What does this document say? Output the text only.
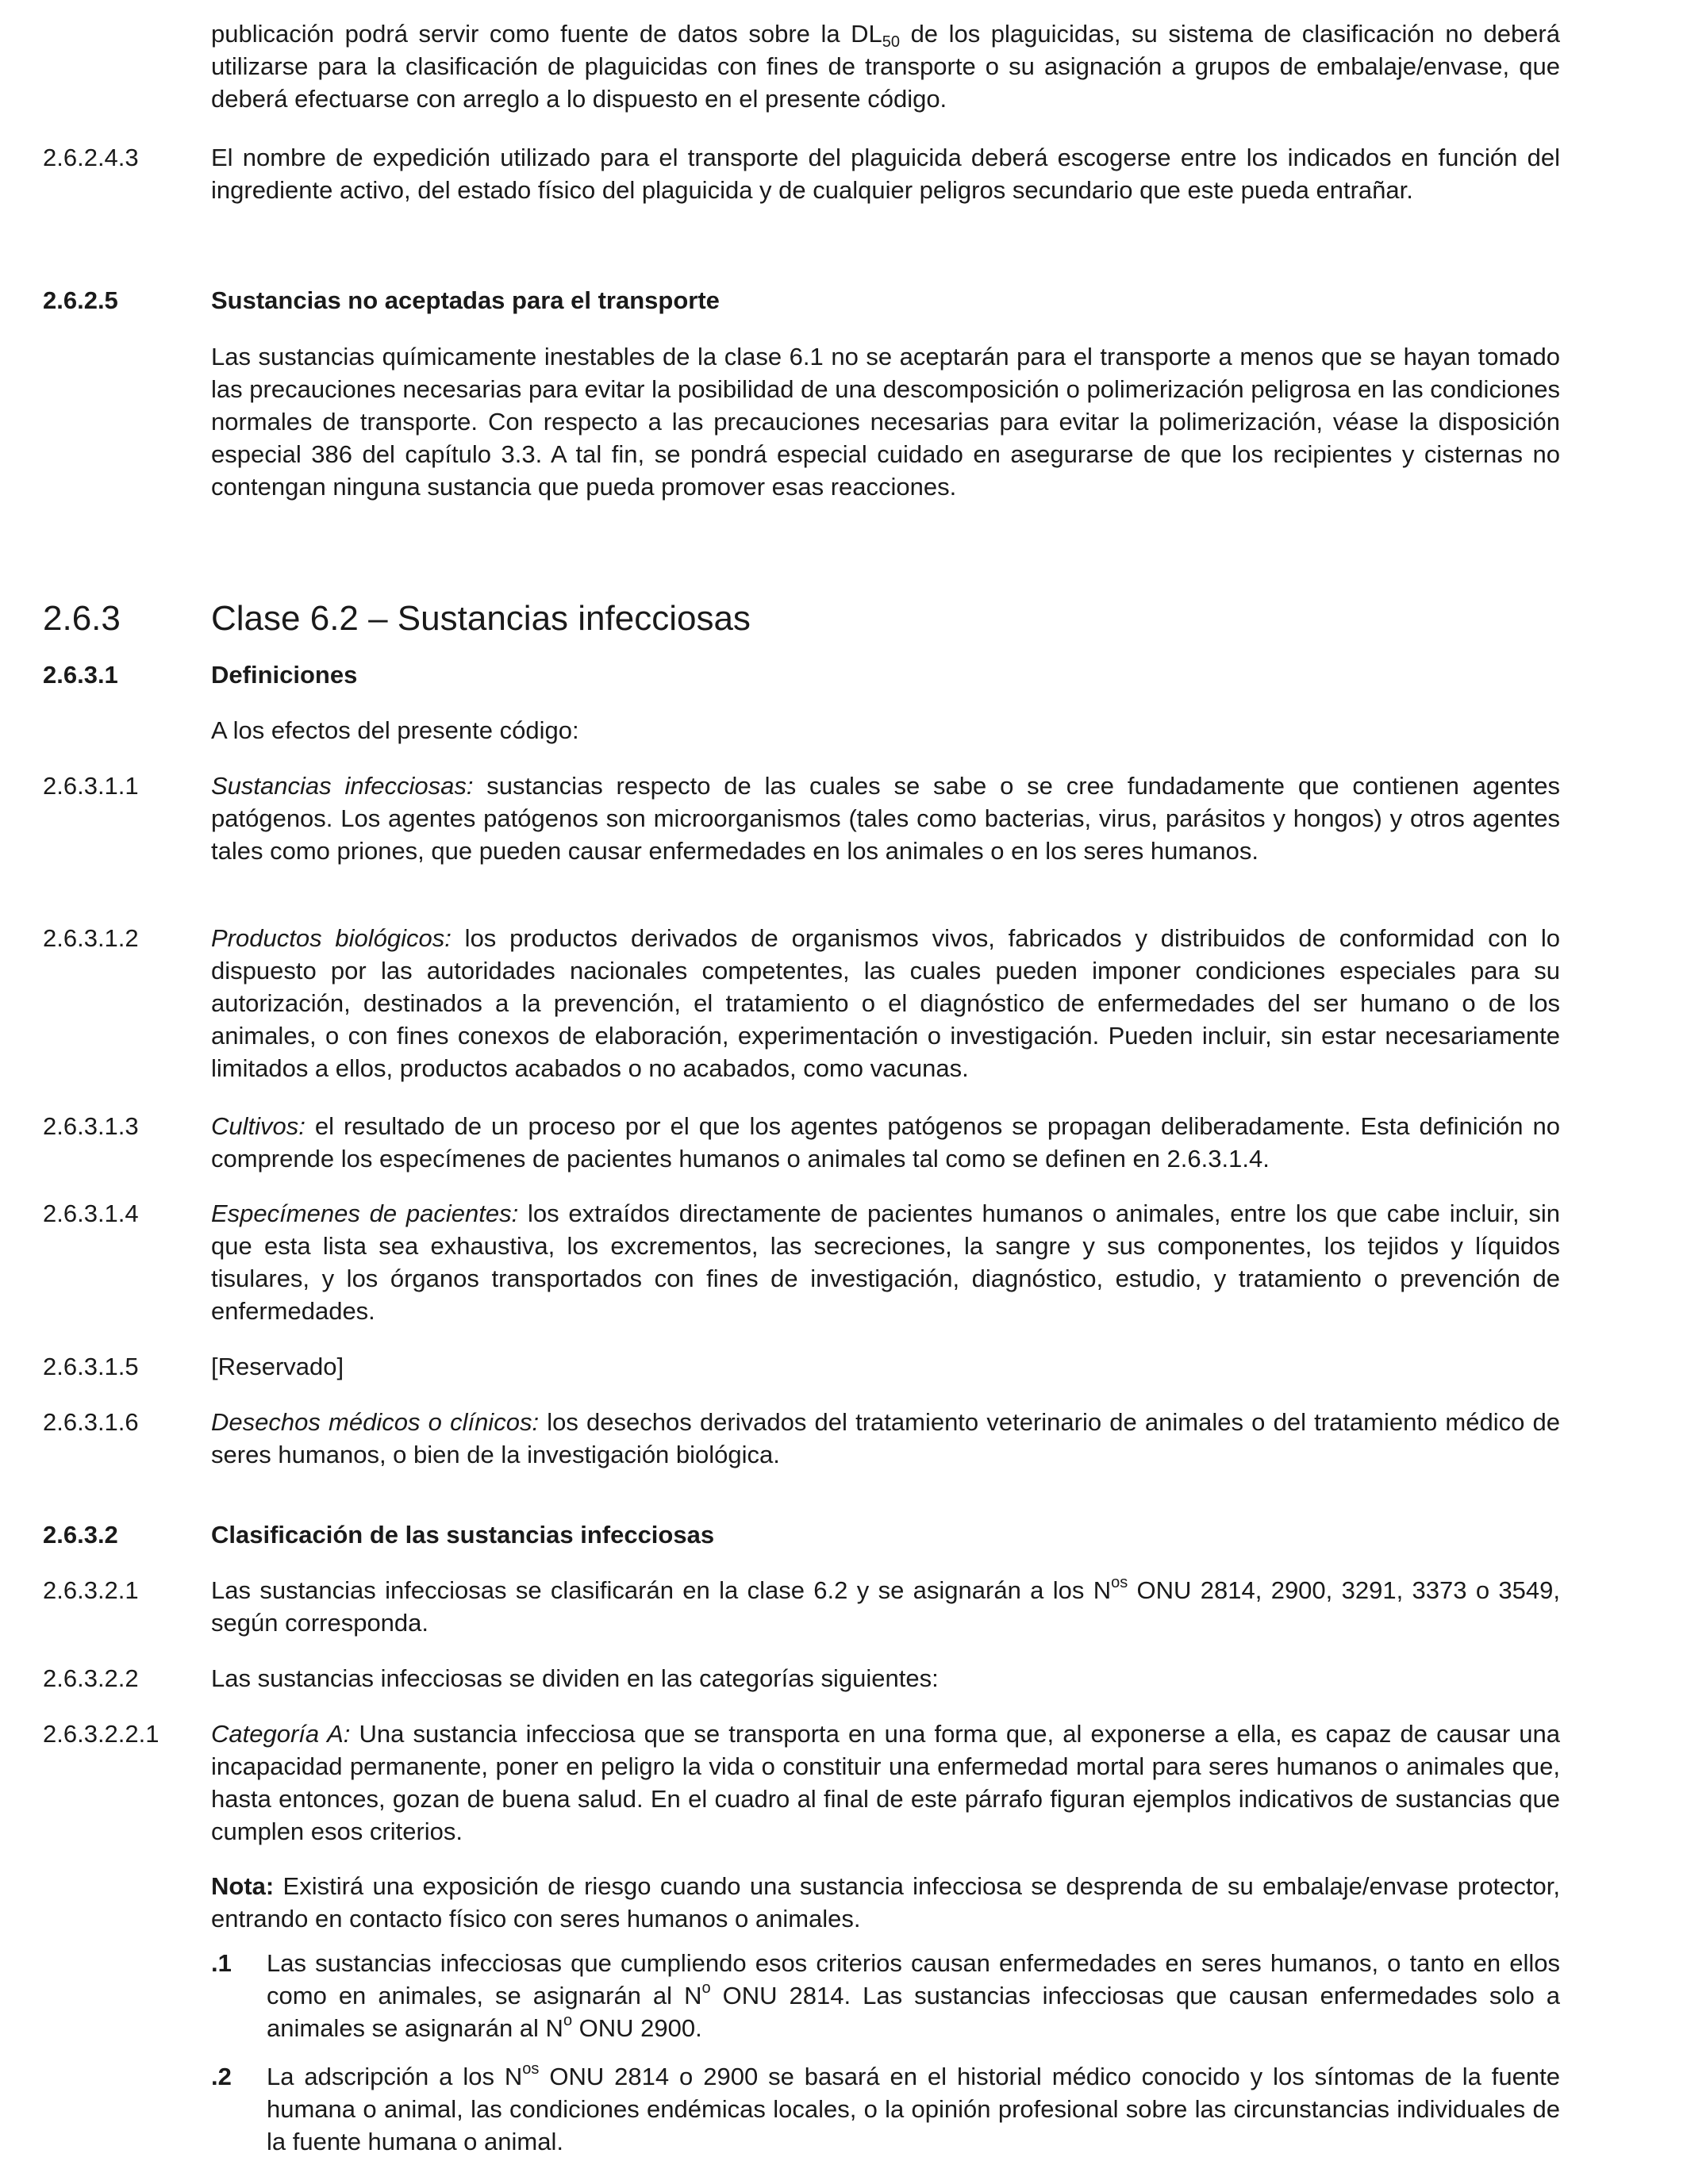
publicación podrá servir como fuente de datos sobre la $DL_{50}$ de los plaguicidas, su sistema de clasificación no deberá utilizarse para la clasificación de plaguicidas con fines de transporte o su asignación a grupos de embalaje/envase, que deberá efectuarse con arreglo a lo dispuesto en el presente código.
2.6.2.4.3	El nombre de expedición utilizado para el transporte del plaguicida deberá escogerse entre los indicados en función del ingrediente activo, del estado físico del plaguicida y de cualquier peligros secundario que este pueda entrañar.
2.6.2.5	Sustancias no aceptadas para el transporte
Las sustancias químicamente inestables de la clase 6.1 no se aceptarán para el transporte a menos que se hayan tomado las precauciones necesarias para evitar la posibilidad de una descomposición o polimerización peligrosa en las condiciones normales de transporte. Con respecto a las precauciones necesarias para evitar la polimerización, véase la disposición especial 386 del capítulo 3.3. A tal fin, se pondrá especial cuidado en asegurarse de que los recipientes y cisternas no contengan ninguna sustancia que pueda promover esas reacciones.
2.6.3	Clase 6.2 – Sustancias infecciosas
2.6.3.1	Definiciones
A los efectos del presente código:
2.6.3.1.1	Sustancias infecciosas: sustancias respecto de las cuales se sabe o se cree fundadamente que contienen agentes patógenos. Los agentes patógenos son microorganismos (tales como bacterias, virus, parásitos y hongos) y otros agentes tales como priones, que pueden causar enfermedades en los animales o en los seres humanos.
2.6.3.1.2	Productos biológicos: los productos derivados de organismos vivos, fabricados y distribuidos de conformidad con lo dispuesto por las autoridades nacionales competentes, las cuales pueden imponer condiciones especiales para su autorización, destinados a la prevención, el tratamiento o el diagnóstico de enfermedades del ser humano o de los animales, o con fines conexos de elaboración, experimentación o investigación. Pueden incluir, sin estar necesariamente limitados a ellos, productos acabados o no acabados, como vacunas.
2.6.3.1.3	Cultivos: el resultado de un proceso por el que los agentes patógenos se propagan deliberadamente. Esta definición no comprende los especímenes de pacientes humanos o animales tal como se definen en 2.6.3.1.4.
2.6.3.1.4	Especímenes de pacientes: los extraídos directamente de pacientes humanos o animales, entre los que cabe incluir, sin que esta lista sea exhaustiva, los excrementos, las secreciones, la sangre y sus componentes, los tejidos y líquidos tisulares, y los órganos transportados con fines de investigación, diagnóstico, estudio, y tratamiento o prevención de enfermedades.
2.6.3.1.5	[Reservado]
2.6.3.1.6	Desechos médicos o clínicos: los desechos derivados del tratamiento veterinario de animales o del tratamiento médico de seres humanos, o bien de la investigación biológica.
2.6.3.2	Clasificación de las sustancias infecciosas
2.6.3.2.1	Las sustancias infecciosas se clasificarán en la clase 6.2 y se asignarán a los $N^{os}$ ONU 2814, 2900, 3291, 3373 o 3549, según corresponda.
2.6.3.2.2	Las sustancias infecciosas se dividen en las categorías siguientes:
2.6.3.2.2.1	Categoría A: Una sustancia infecciosa que se transporta en una forma que, al exponerse a ella, es capaz de causar una incapacidad permanente, poner en peligro la vida o constituir una enfermedad mortal para seres humanos o animales que, hasta entonces, gozan de buena salud. En el cuadro al final de este párrafo figuran ejemplos indicativos de sustancias que cumplen esos criterios.
Nota: Existirá una exposición de riesgo cuando una sustancia infecciosa se desprenda de su embalaje/envase protector, entrando en contacto físico con seres humanos o animales.
.1	Las sustancias infecciosas que cumpliendo esos criterios causan enfermedades en seres humanos, o tanto en ellos como en animales, se asignarán al $N^o$ ONU 2814. Las sustancias infecciosas que causan enfermedades solo a animales se asignarán al $N^o$ ONU 2900.
.2	La adscripción a los $N^{os}$ ONU 2814 o 2900 se basará en el historial médico conocido y los síntomas de la fuente humana o animal, las condiciones endémicas locales, o la opinión profesional sobre las circunstancias individuales de la fuente humana o animal.
